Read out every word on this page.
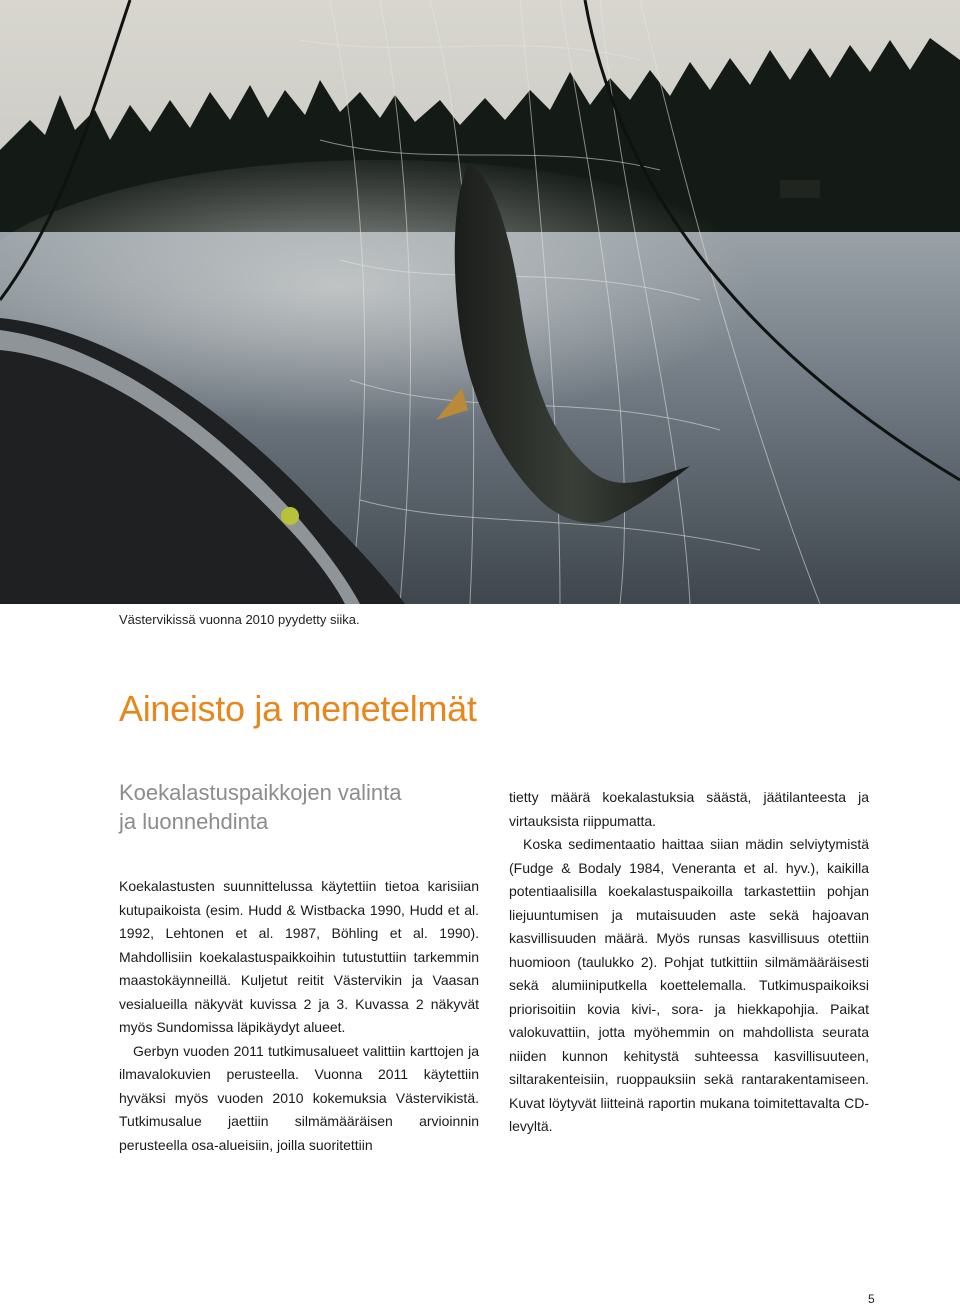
Västervikissä vuonna 2010 pyydetty siika.
Aineisto ja menetelmät
Koekalastuspaikkojen valinta
ja luonnehdinta

Koekalastusten suunnittelussa käytettiin tietoa karisiian kutupaikoista (esim. Hudd & Wistbacka 1990, Hudd et al. 1992, Lehtonen et al. 1987, Böhling et al. 1990). Mahdollisiin koekalastuspaikkoihin tutustuttiin tarkemmin maastokäynneillä. Kuljetut reitit Västervikin ja Vaasan vesialueilla näkyvät kuvissa 2 ja 3. Kuvassa 2 näkyvät myös Sundomissa läpikäydyt alueet.

Gerbyn vuoden 2011 tutkimusalueet valittiin karttojen ja ilmavalokuvien perusteella. Vuonna 2011 käytettiin hyväksi myös vuoden 2010 kokemuksia Västervikistä. Tutkimusalue jaettiin silmämääräisen arvioinnin perusteella osa-alueisiin, joilla suoritettiin

tietty määrä koekalastuksia säästä, jäätilanteesta ja virtauksista riippumatta.

Koska sedimentaatio haittaa siian mädin selviytymistä (Fudge & Bodaly 1984, Veneranta et al. hyv.), kaikilla potentiaalisilla koekalastuspaikoilla tarkastettiin pohjan liejuuntumisen ja mutaisuuden aste sekä hajoavan kasvillisuuden määrä. Myös runsas kasvillisuus otettiin huomioon (taulukko 2). Pohjat tutkittiin silmämääräisesti sekä alumiiniputkella koettelemalla. Tutkimuspaikoiksi priorisoitiin kovia kivi-, sora- ja hiekkapohjia. Paikat valokuvattiin, jotta myöhemmin on mahdollista seurata niiden kunnon kehitystä suhteessa kasvillisuuteen, siltarakenteisiin, ruoppauksiin sekä rantarakentamiseen. Kuvat löytyvät liitteinä raportin mukana toimitettavalta CD-levyltä.

5
